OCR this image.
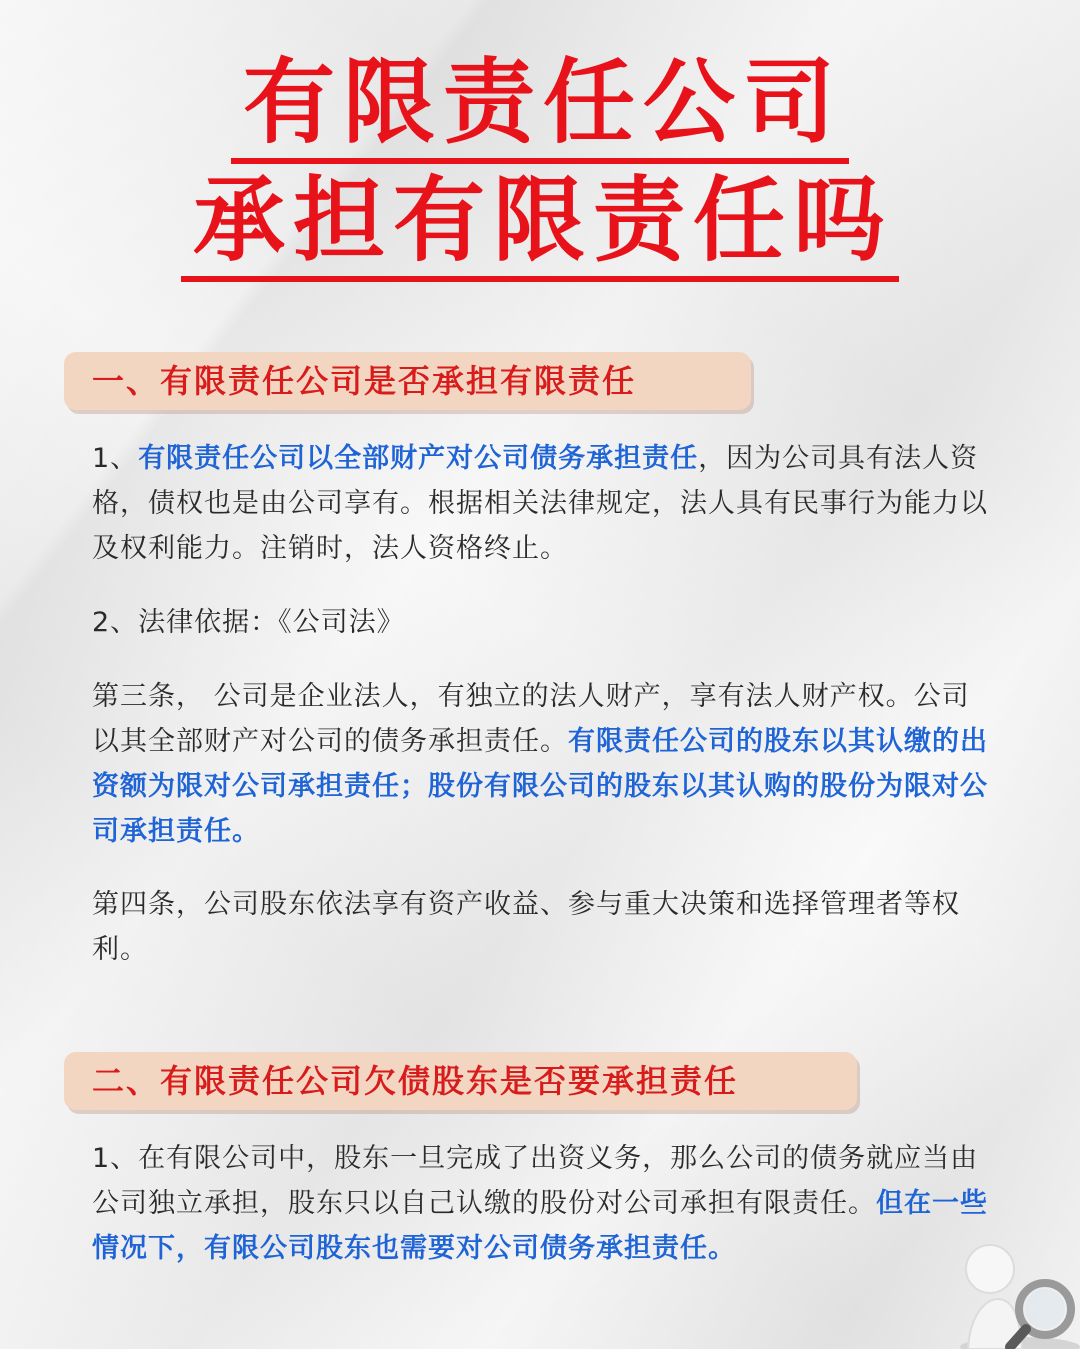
有限责任公司
承担有限责任吗
一、有限责任公司是否承担有限责任

1、有限责任公司以全部财产对公司债务承担责任，因为公司具有法人资格，债权也是由公司享有。根据相关法律规定，法人具有民事行为能力以及权利能力。注销时，法人资格终止。

2、法律依据：《公司法》

第三条， 公司是企业法人，有独立的法人财产，享有法人财产权。公司以其全部财产对公司的债务承担责任。有限责任公司的股东以其认缴的出资额为限对公司承担责任；股份有限公司的股东以其认购的股份为限对公司承担责任。

第四条，公司股东依法享有资产收益、参与重大决策和选择管理者等权利。

二、有限责任公司欠债股东是否要承担责任

1、在有限公司中，股东一旦完成了出资义务，那么公司的债务就应当由公司独立承担，股东只以自己认缴的股份对公司承担有限责任。但在一些情况下，有限公司股东也需要对公司债务承担责任。
